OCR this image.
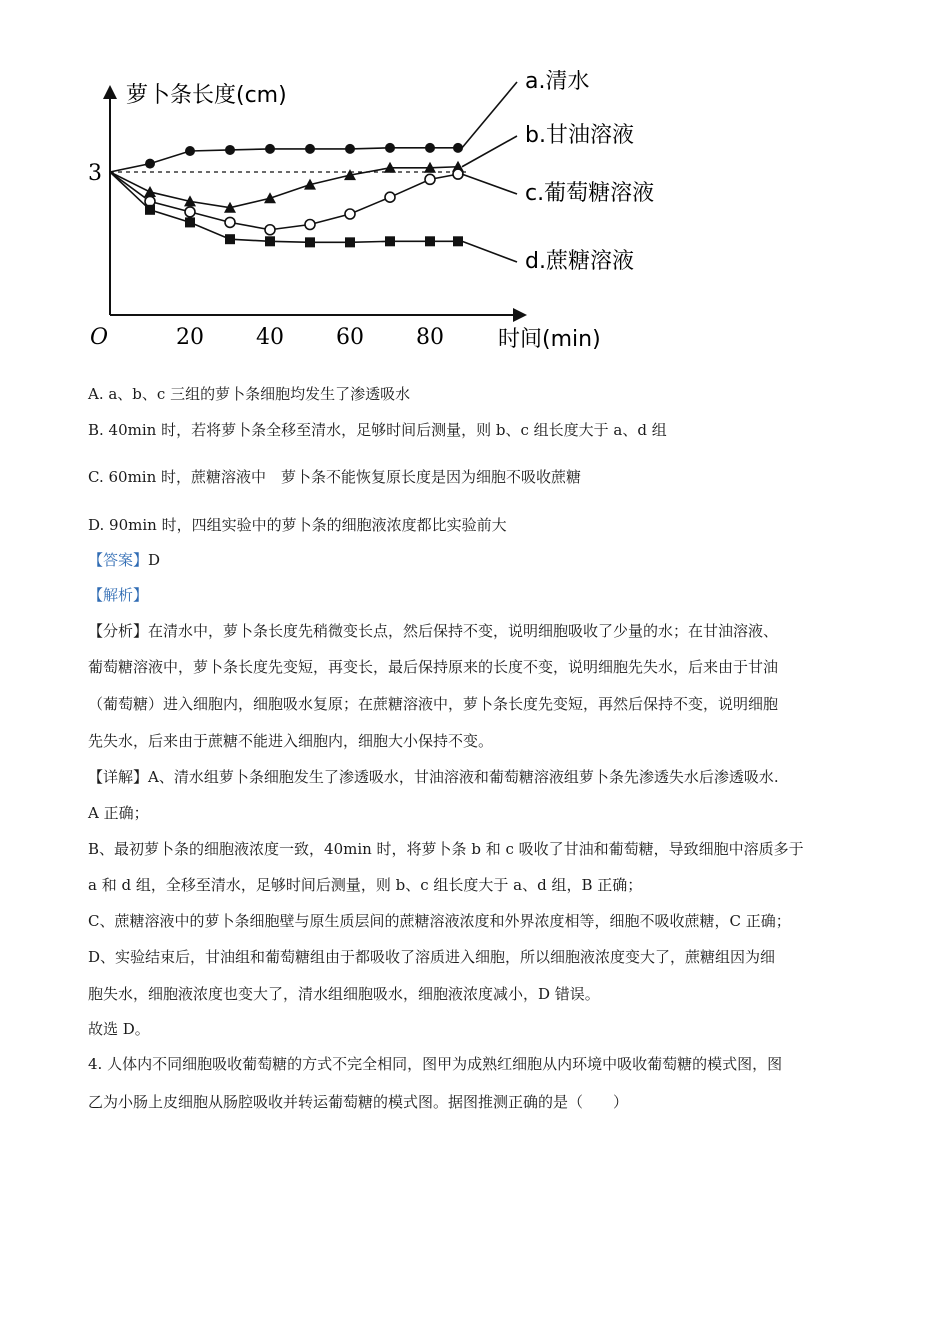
萝卜条长度(cm)
时间(min)
O	20 40 60 80
3
a.清水
b.甘油溶液
c.葡萄糖溶液
d.蔗糖溶液
A. a、b、c 三组的萝卜条细胞均发生了渗透吸水
B. 40min 时，若将萝卜条全移至清水，足够时间后测量，则 b、c 组长度大于 a、d 组
C. 60min 时，蔗糖溶液中　萝卜条不能恢复原长度是因为细胞不吸收蔗糖
D. 90min 时，四组实验中的萝卜条的细胞液浓度都比实验前大
【答案】D
【解析】
【分析】在清水中，萝卜条长度先稍微变长点，然后保持不变，说明细胞吸收了少量的水；在甘油溶液、
葡萄糖溶液中，萝卜条长度先变短，再变长，最后保持原来的长度不变，说明细胞先失水，后来由于甘油
（葡萄糖）进入细胞内，细胞吸水复原；在蔗糖溶液中，萝卜条长度先变短，再然后保持不变，说明细胞
先失水，后来由于蔗糖不能进入细胞内，细胞大小保持不变。
【详解】A、清水组萝卜条细胞发生了渗透吸水，甘油溶液和葡萄糖溶液组萝卜条先渗透失水后渗透吸水.
A 正确；
B、最初萝卜条的细胞液浓度一致，40min 时，将萝卜条 b 和 c 吸收了甘油和葡萄糖，导致细胞中溶质多于
a 和 d 组，全移至清水，足够时间后测量，则 b、c 组长度大于 a、d 组，B 正确；
C、蔗糖溶液中的萝卜条细胞壁与原生质层间的蔗糖溶液浓度和外界浓度相等，细胞不吸收蔗糖，C 正确；
D、实验结束后，甘油组和葡萄糖组由于都吸收了溶质进入细胞，所以细胞液浓度变大了，蔗糖组因为细
胞失水，细胞液浓度也变大了，清水组细胞吸水，细胞液浓度减小，D 错误。
故选 D。
4. 人体内不同细胞吸收葡萄糖的方式不完全相同，图甲为成熟红细胞从内环境中吸收葡萄糖的模式图，图
乙为小肠上皮细胞从肠腔吸收并转运葡萄糖的模式图。据图推测正确的是（　　）
